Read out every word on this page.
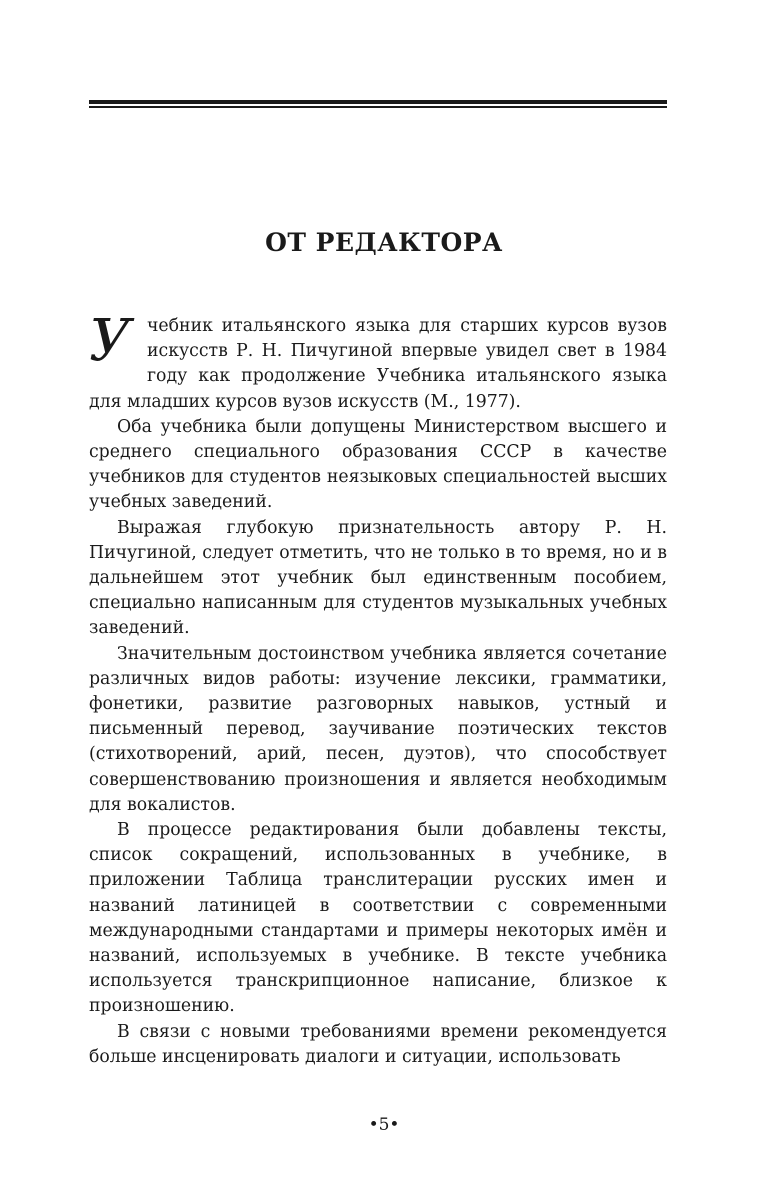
ОТ РЕДАКТОРА

Учебник итальянского языка для старших курсов вузов искусств Р. Н. Пичугиной впервые увидел свет в 1984 году как продолжение Учебника итальянского языка для младших курсов вузов искусств (М., 1977).

Оба учебника были допущены Министерством высшего и среднего специального образования СССР в качестве учебников для студентов неязыковых специальностей высших учебных заведений.

Выражая глубокую признательность автору Р. Н. Пичугиной, следует отметить, что не только в то время, но и в дальнейшем этот учебник был единственным пособием, специально написанным для студентов музыкальных учебных заведений.

Значительным достоинством учебника является сочетание различных видов работы: изучение лексики, грамматики, фонетики, развитие разговорных навыков, устный и письменный перевод, заучивание поэтических текстов (стихотворений, арий, песен, дуэтов), что способствует совершенствованию произношения и является необходимым для вокалистов.

В процессе редактирования были добавлены тексты, список сокращений, использованных в учебнике, в приложении Таблица транслитерации русских имен и названий латиницей в соответствии с современными международными стандартами и примеры некоторых имён и названий, используемых в учебнике. В тексте учебника используется транскрипционное написание, близкое к произношению.

В связи с новыми требованиями времени рекомендуется больше инсценировать диалоги и ситуации, использовать

•5•
